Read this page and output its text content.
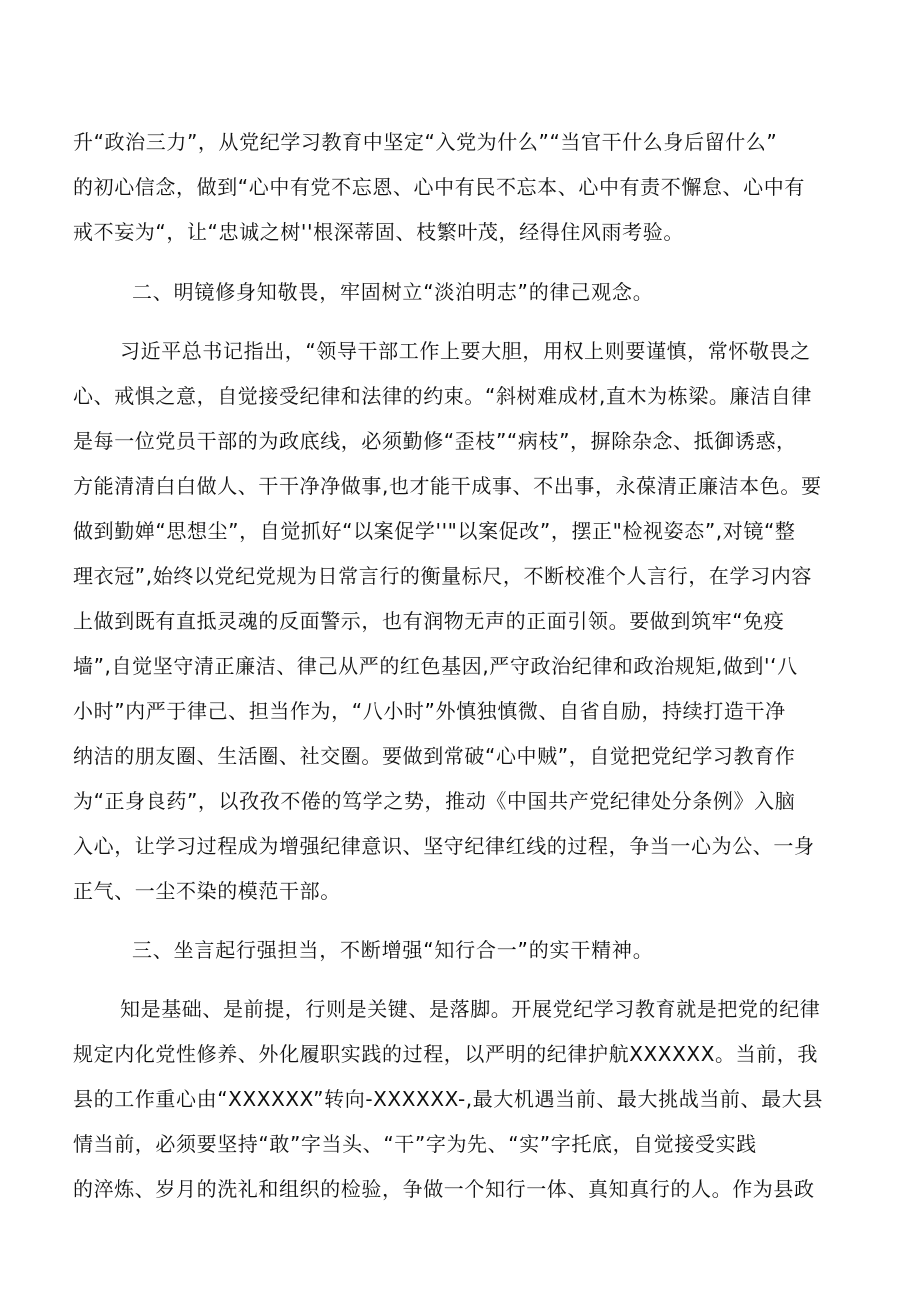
升“政治三力”，从党纪学习教育中坚定“入党为什么”“当官干什么身后留什么”

的初心信念，做到“心中有党不忘恩、心中有民不忘本、心中有责不懈怠、心中有

戒不妄为“，让“忠诚之树''根深蒂固、枝繁叶茂，经得住风雨考验。

二、明镜修身知敬畏，牢固树立“淡泊明志”的律己观念。

习近平总书记指出，“领导干部工作上要大胆，用权上则要谨慎，常怀敬畏之

心、戒惧之意，自觉接受纪律和法律的约束。“斜树难成材,直木为栋梁。廉洁自律

是每一位党员干部的为政底线，必须勤修“歪枝”“病枝”，摒除杂念、抵御诱惑，

方能清清白白做人、干干净净做事,也才能干成事、不出事，永葆清正廉洁本色。要

做到勤婵“思想尘”，自觉抓好“以案促学''"以案促改”，摆正"检视姿态”,对镜“整

理衣冠”,始终以党纪党规为日常言行的衡量标尺，不断校准个人言行，在学习内容

上做到既有直抵灵魂的反面警示，也有润物无声的正面引领。要做到筑牢“免疫

墙”,自觉坚守清正廉洁、律己从严的红色基因,严守政治纪律和政治规矩,做到'‘八

小时”内严于律己、担当作为，“八小时”外慎独慎微、自省自励，持续打造干净

纳洁的朋友圈、生活圈、社交圈。要做到常破“心中贼”，自觉把党纪学习教育作

为“正身良药”，以孜孜不倦的笃学之势，推动《中国共产党纪律处分条例》入脑

入心，让学习过程成为增强纪律意识、坚守纪律红线的过程，争当一心为公、一身

正气、一尘不染的模范干部。

三、坐言起行强担当，不断增强“知行合一”的实干精神。

知是基础、是前提，行则是关键、是落脚。开展党纪学习教育就是把党的纪律

规定内化党性修养、外化履职实践的过程，以严明的纪律护航XXXXXX。当前，我

县的工作重心由“XXXXXX”转向-XXXXXX-,最大机遇当前、最大挑战当前、最大县

情当前，必须要坚持“敢”字当头、“干”字为先、“实”字托底，自觉接受实践

的淬炼、岁月的洗礼和组织的检验，争做一个知行一体、真知真行的人。作为县政
